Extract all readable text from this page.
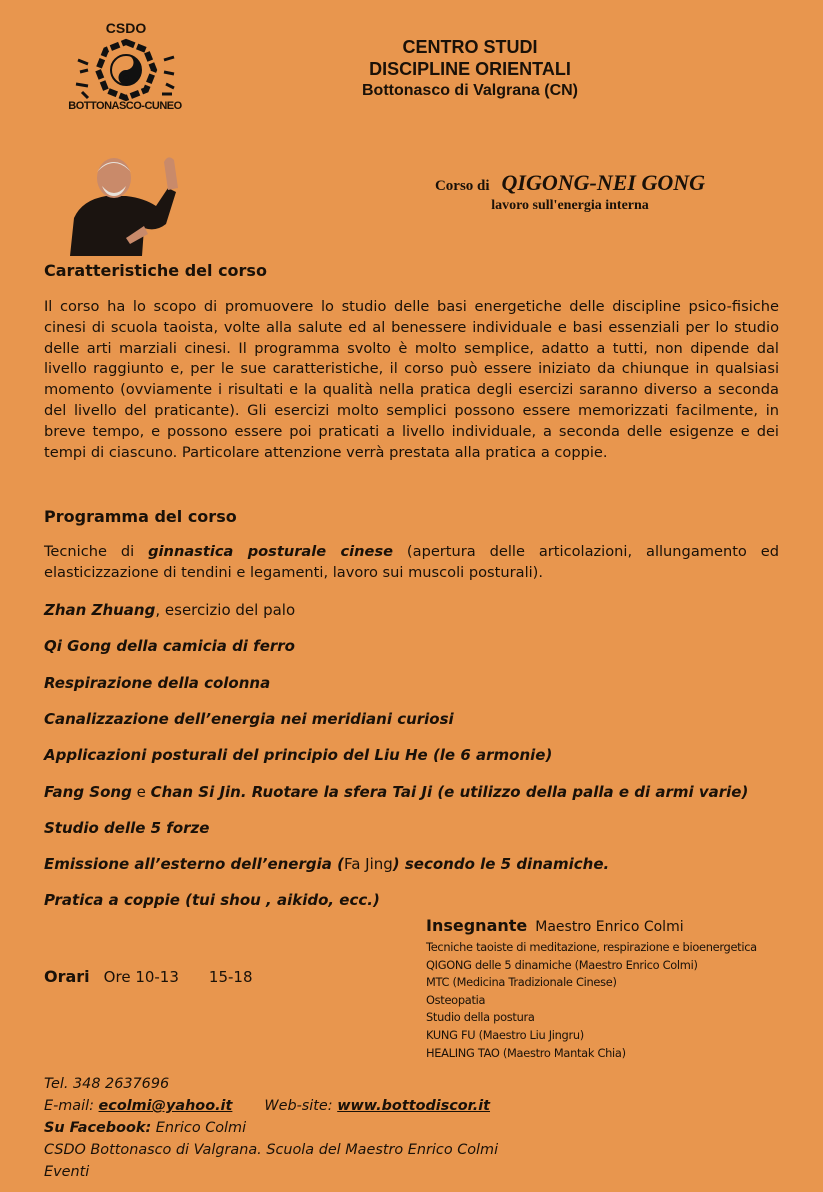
CSDO
BOTTONASCO-CUNEO
CENTRO STUDI
DISCIPLINE ORIENTALI
Bottonasco di Valgrana (CN)
Corso di QIGONG-NEI GONG
lavoro sull'energia interna
Caratteristiche del corso
Il corso ha lo scopo di promuovere lo studio delle basi energetiche delle discipline psico-fisiche cinesi di scuola taoista, volte alla salute ed al benessere individuale e basi essenziali per lo studio delle arti marziali cinesi. Il programma svolto è molto semplice, adatto a tutti, non dipende dal livello raggiunto e, per le sue caratteristiche, il corso può essere iniziato da chiunque in qualsiasi momento (ovviamente i risultati e la qualità nella pratica degli esercizi saranno diverso a seconda del livello del praticante). Gli esercizi molto semplici possono essere memorizzati facilmente, in breve tempo, e possono essere poi praticati a livello individuale, a seconda delle esigenze e dei tempi di ciascuno. Particolare attenzione verrà prestata alla pratica a coppie.
Programma del corso
Tecniche di ginnastica posturale cinese (apertura delle articolazioni, allungamento ed elasticizzazione di tendini e legamenti, lavoro sui muscoli posturali).
Zhan Zhuang, esercizio del palo
Qi Gong della camicia di ferro
Respirazione della colonna
Canalizzazione dell’energia nei meridiani curiosi
Applicazioni posturali del principio del Liu He (le 6 armonie)
Fang Song e Chan Si Jin. Ruotare la sfera Tai Ji (e utilizzo della palla e di armi varie)
Studio delle 5 forze
Emissione all’esterno dell’energia (Fa Jing) secondo le 5 dinamiche.
Pratica a coppie (tui shou , aikido, ecc.)
Orari Ore 10-13 15-18
Insegnante Maestro Enrico Colmi
Tecniche taoiste di meditazione, respirazione e bioenergetica
QIGONG delle 5 dinamiche (Maestro Enrico Colmi)
MTC (Medicina Tradizionale Cinese)
Osteopatia
Studio della postura
KUNG FU (Maestro Liu Jingru)
HEALING TAO (Maestro Mantak Chia)
Tel. 348 2637696
E-mail: ecolmi@yahoo.it Web-site: www.bottodiscor.it
Su Facebook: Enrico Colmi
CSDO Bottonasco di Valgrana. Scuola del Maestro Enrico Colmi
Eventi
